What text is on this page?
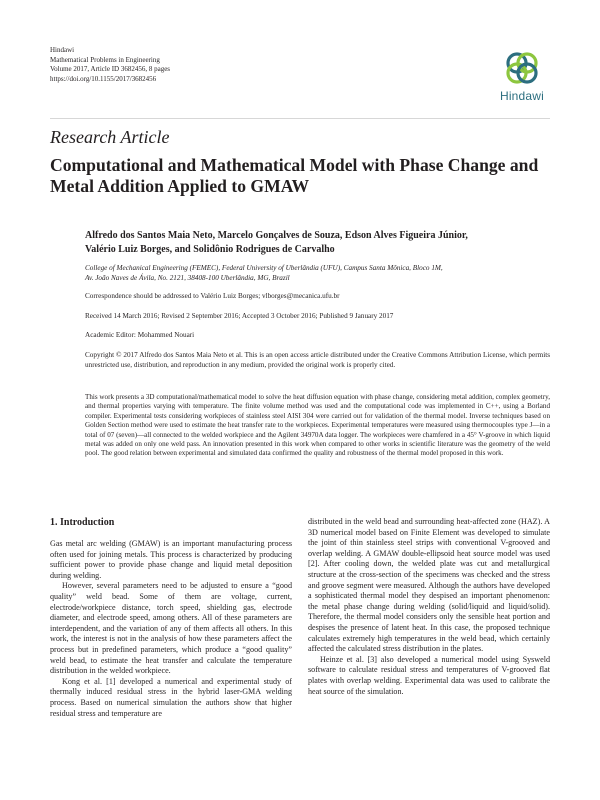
Hindawi
Mathematical Problems in Engineering
Volume 2017, Article ID 3682456, 8 pages
https://doi.org/10.1155/2017/3682456
Hindawi
Research Article
Computational and Mathematical Model with Phase Change and Metal Addition Applied to GMAW
Alfredo dos Santos Maia Neto, Marcelo Gonçalves de Souza, Edson Alves Figueira Júnior,
Valério Luiz Borges, and Solidônio Rodrigues de Carvalho
College of Mechanical Engineering (FEMEC), Federal University of Uberlândia (UFU), Campus Santa Mônica, Bloco 1M,
Av. João Naves de Ávila, No. 2121, 38408-100 Uberlândia, MG, Brazil
Correspondence should be addressed to Valério Luiz Borges; vlborges@mecanica.ufu.br
Received 14 March 2016; Revised 2 September 2016; Accepted 3 October 2016; Published 9 January 2017
Academic Editor: Mohammed Nouari
Copyright © 2017 Alfredo dos Santos Maia Neto et al. This is an open access article distributed under the Creative Commons Attribution License, which permits unrestricted use, distribution, and reproduction in any medium, provided the original work is properly cited.
This work presents a 3D computational/mathematical model to solve the heat diffusion equation with phase change, considering metal addition, complex geometry, and thermal properties varying with temperature. The finite volume method was used and the computational code was implemented in C++, using a Borland compiler. Experimental tests considering workpieces of stainless steel AISI 304 were carried out for validation of the thermal model. Inverse techniques based on Golden Section method were used to estimate the heat transfer rate to the workpieces. Experimental temperatures were measured using thermocouples type J—in a total of 07 (seven)—all connected to the welded workpiece and the Agilent 34970A data logger. The workpieces were chamfered in a 45° V-groove in which liquid metal was added on only one weld pass. An innovation presented in this work when compared to other works in scientific literature was the geometry of the weld pool. The good relation between experimental and simulated data confirmed the quality and robustness of the thermal model proposed in this work.
1. Introduction

Gas metal arc welding (GMAW) is an important manufacturing process often used for joining metals. This process is characterized by producing sufficient power to provide phase change and liquid metal deposition during welding.

However, several parameters need to be adjusted to ensure a “good quality” weld bead. Some of them are voltage, current, electrode/workpiece distance, torch speed, shielding gas, electrode diameter, and electrode speed, among others. All of these parameters are interdependent, and the variation of any of them affects all others. In this work, the interest is not in the analysis of how these parameters affect the process but in predefined parameters, which produce a “good quality” weld bead, to estimate the heat transfer and calculate the temperature distribution in the welded workpiece.

Kong et al. [1] developed a numerical and experimental study of thermally induced residual stress in the hybrid laser-GMA welding process. Based on numerical simulation the authors show that higher residual stress and temperature are

distributed in the weld bead and surrounding heat-affected zone (HAZ). A 3D numerical model based on Finite Element was developed to simulate the joint of thin stainless steel strips with conventional V-grooved and overlap welding. A GMAW double-ellipsoid heat source model was used [2]. After cooling down, the welded plate was cut and metallurgical structure at the cross-section of the specimens was checked and the stress and groove segment were measured. Although the authors have developed a sophisticated thermal model they despised an important phenomenon: the metal phase change during welding (solid/liquid and liquid/solid). Therefore, the thermal model considers only the sensible heat portion and despises the presence of latent heat. In this case, the proposed technique calculates extremely high temperatures in the weld bead, which certainly affected the calculated stress distribution in the plates.

Heinze et al. [3] also developed a numerical model using Sysweld software to calculate residual stress and temperatures of V-grooved flat plates with overlap welding. Experimental data was used to calibrate the heat source of the simulation.
